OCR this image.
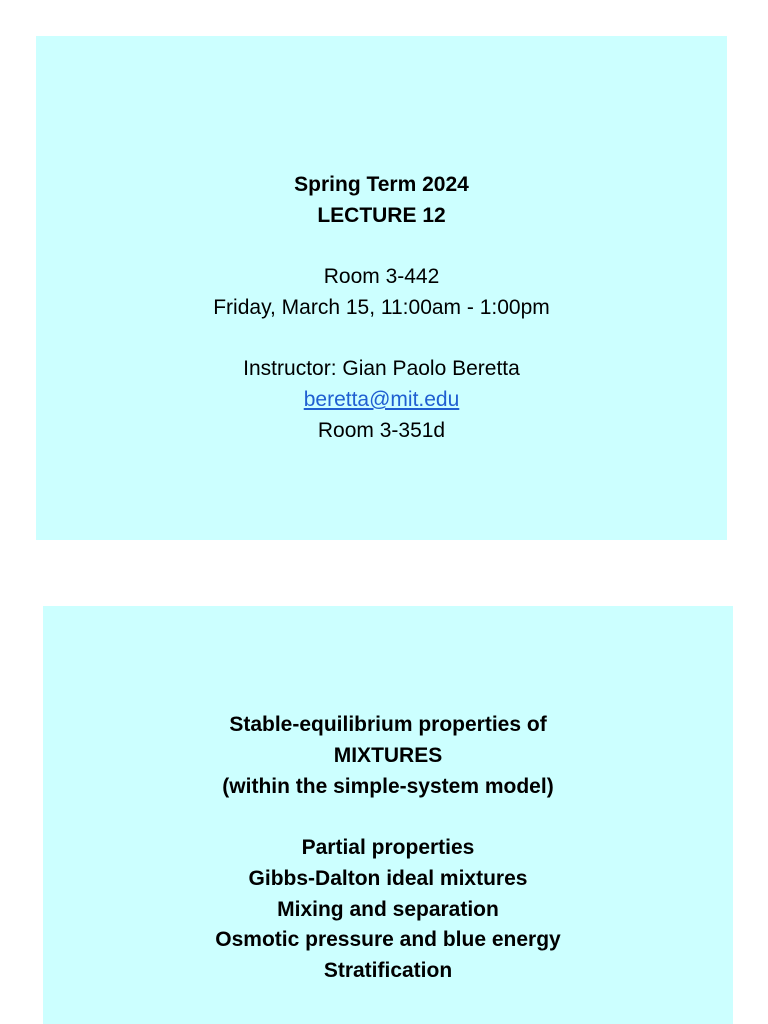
Spring Term 2024
LECTURE 12
Room 3-442
Friday, March 15, 11:00am - 1:00pm
Instructor: Gian Paolo Beretta
beretta@mit.edu
Room 3-351d
Stable-equilibrium properties of
MIXTURES
(within the simple-system model)
Partial properties
Gibbs-Dalton ideal mixtures
Mixing and separation
Osmotic pressure and blue energy
Stratification
